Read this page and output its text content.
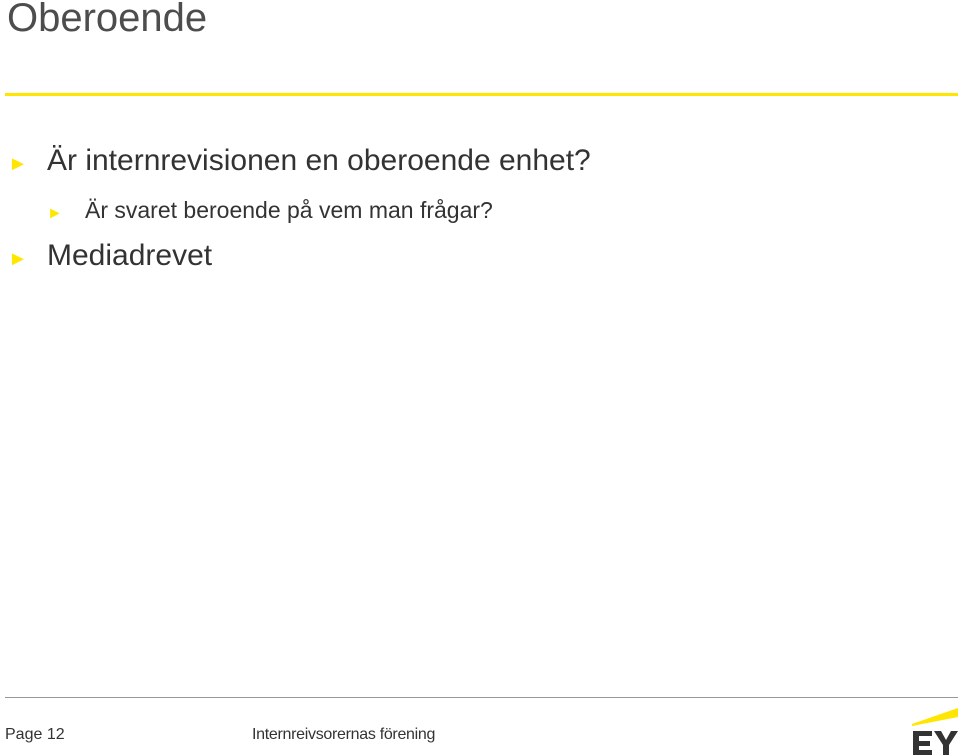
Oberoende
► Är internrevisionen en oberoende enhet?
► Är svaret beroende på vem man frågar?
► Mediadrevet
Page 12	Internreivsorernas förening
